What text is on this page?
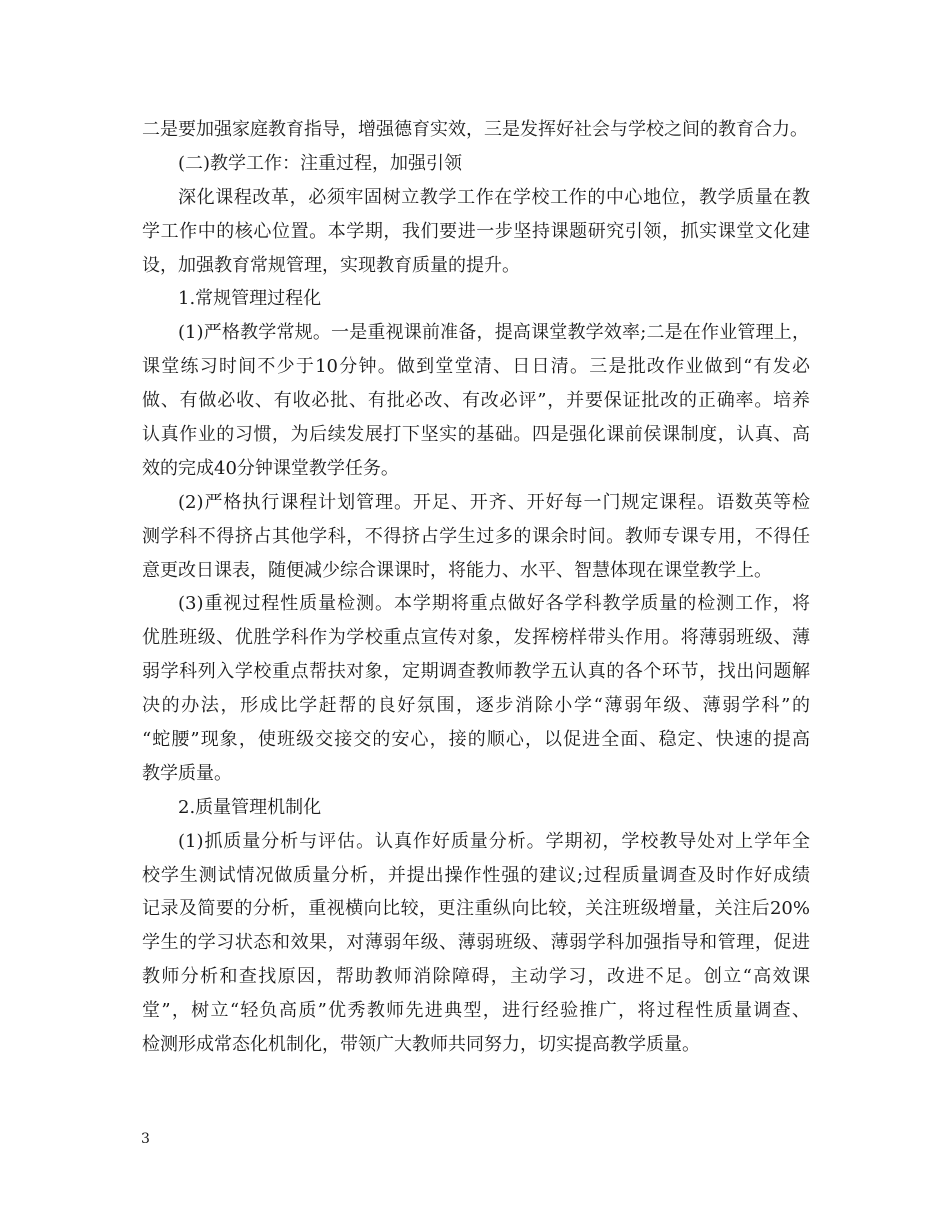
二是要加强家庭教育指导，增强德育实效，三是发挥好社会与学校之间的教育合力。
(二)教学工作：注重过程，加强引领
深化课程改革，必须牢固树立教学工作在学校工作的中心地位，教学质量在教
学工作中的核心位置。本学期，我们要进一步坚持课题研究引领，抓实课堂文化建
设，加强教育常规管理，实现教育质量的提升。
1.常规管理过程化
(1)严格教学常规。一是重视课前准备，提高课堂教学效率;二是在作业管理上，
课堂练习时间不少于10分钟。做到堂堂清、日日清。三是批改作业做到“有发必
做、有做必收、有收必批、有批必改、有改必评”，并要保证批改的正确率。培养
认真作业的习惯，为后续发展打下坚实的基础。四是强化课前侯课制度，认真、高
效的完成40分钟课堂教学任务。
(2)严格执行课程计划管理。开足、开齐、开好每一门规定课程。语数英等检
测学科不得挤占其他学科，不得挤占学生过多的课余时间。教师专课专用，不得任
意更改日课表，随便减少综合课课时，将能力、水平、智慧体现在课堂教学上。
(3)重视过程性质量检测。本学期将重点做好各学科教学质量的检测工作，将
优胜班级、优胜学科作为学校重点宣传对象，发挥榜样带头作用。将薄弱班级、薄
弱学科列入学校重点帮扶对象，定期调查教师教学五认真的各个环节，找出问题解
决的办法，形成比学赶帮的良好氛围，逐步消除小学“薄弱年级、薄弱学科”的
“蛇腰”现象，使班级交接交的安心，接的顺心，以促进全面、稳定、快速的提高
教学质量。
2.质量管理机制化
(1)抓质量分析与评估。认真作好质量分析。学期初，学校教导处对上学年全
校学生测试情况做质量分析，并提出操作性强的建议;过程质量调查及时作好成绩
记录及简要的分析，重视横向比较，更注重纵向比较，关注班级增量，关注后20%
学生的学习状态和效果，对薄弱年级、薄弱班级、薄弱学科加强指导和管理，促进
教师分析和查找原因，帮助教师消除障碍，主动学习，改进不足。创立“高效课
堂”，树立“轻负高质”优秀教师先进典型，进行经验推广，将过程性质量调查、
检测形成常态化机制化，带领广大教师共同努力，切实提高教学质量。
3
